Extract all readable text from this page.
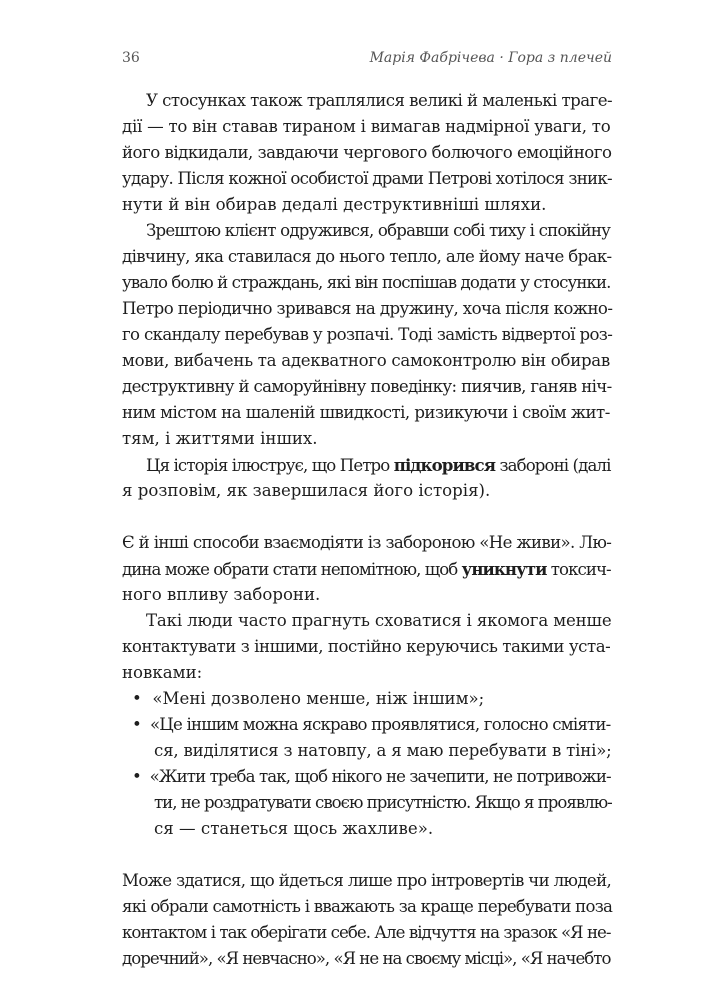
36	Марія Фабрічева · Гора з плечей
У стосунках також траплялися великі й маленькі траге-
дії — то він ставав тираном і вимагав надмірної уваги, то
його відкидали, завдаючи чергового болючого емоційного
удару. Після кожної особистої драми Петрові хотілося зник-
нути й він обирав дедалі деструктивніші шляхи.
Зрештою клієнт одружився, обравши собі тиху і спокійну
дівчину, яка ставилася до нього тепло, але йому наче брак-
увало болю й страждань, які він поспішав додати у стосунки.
Петро періодично зривався на дружину, хоча після кожно-
го скандалу перебував у розпачі. Тоді замість відвертої роз-
мови, вибачень та адекватного самоконтролю він обирав
деструктивну й саморуйнівну поведінку: пиячив, ганяв ніч-
ним містом на шаленій швидкості, ризикуючи і своїм жит-
тям, і життями інших.
Ця історія ілюструє, що Петро підкорився забороні (далі
я розповім, як завершилася його історія).
Є й інші способи взаємодіяти із забороною «Не живи». Лю-
дина може обрати стати непомітною, щоб уникнути токсич-
ного впливу заборони.
Такі люди часто прагнуть сховатися і якомога менше
контактувати з іншими, постійно керуючись такими уста-
новками:
• «Мені дозволено менше, ніж іншим»;
• «Це іншим можна яскраво проявлятися, голосно сміяти-
ся, виділятися з натовпу, а я маю перебувати в тіні»;
• «Жити треба так, щоб нікого не зачепити, не потривожи-
ти, не роздратувати своєю присутністю. Якщо я проявлю-
ся — станеться щось жахливе».
Може здатися, що йдеться лише про інтровертів чи людей,
які обрали самотність і вважають за краще перебувати поза
контактом і так оберігати себе. Але відчуття на зразок «Я не-
доречний», «Я невчасно», «Я не на своєму місці», «Я начебто
